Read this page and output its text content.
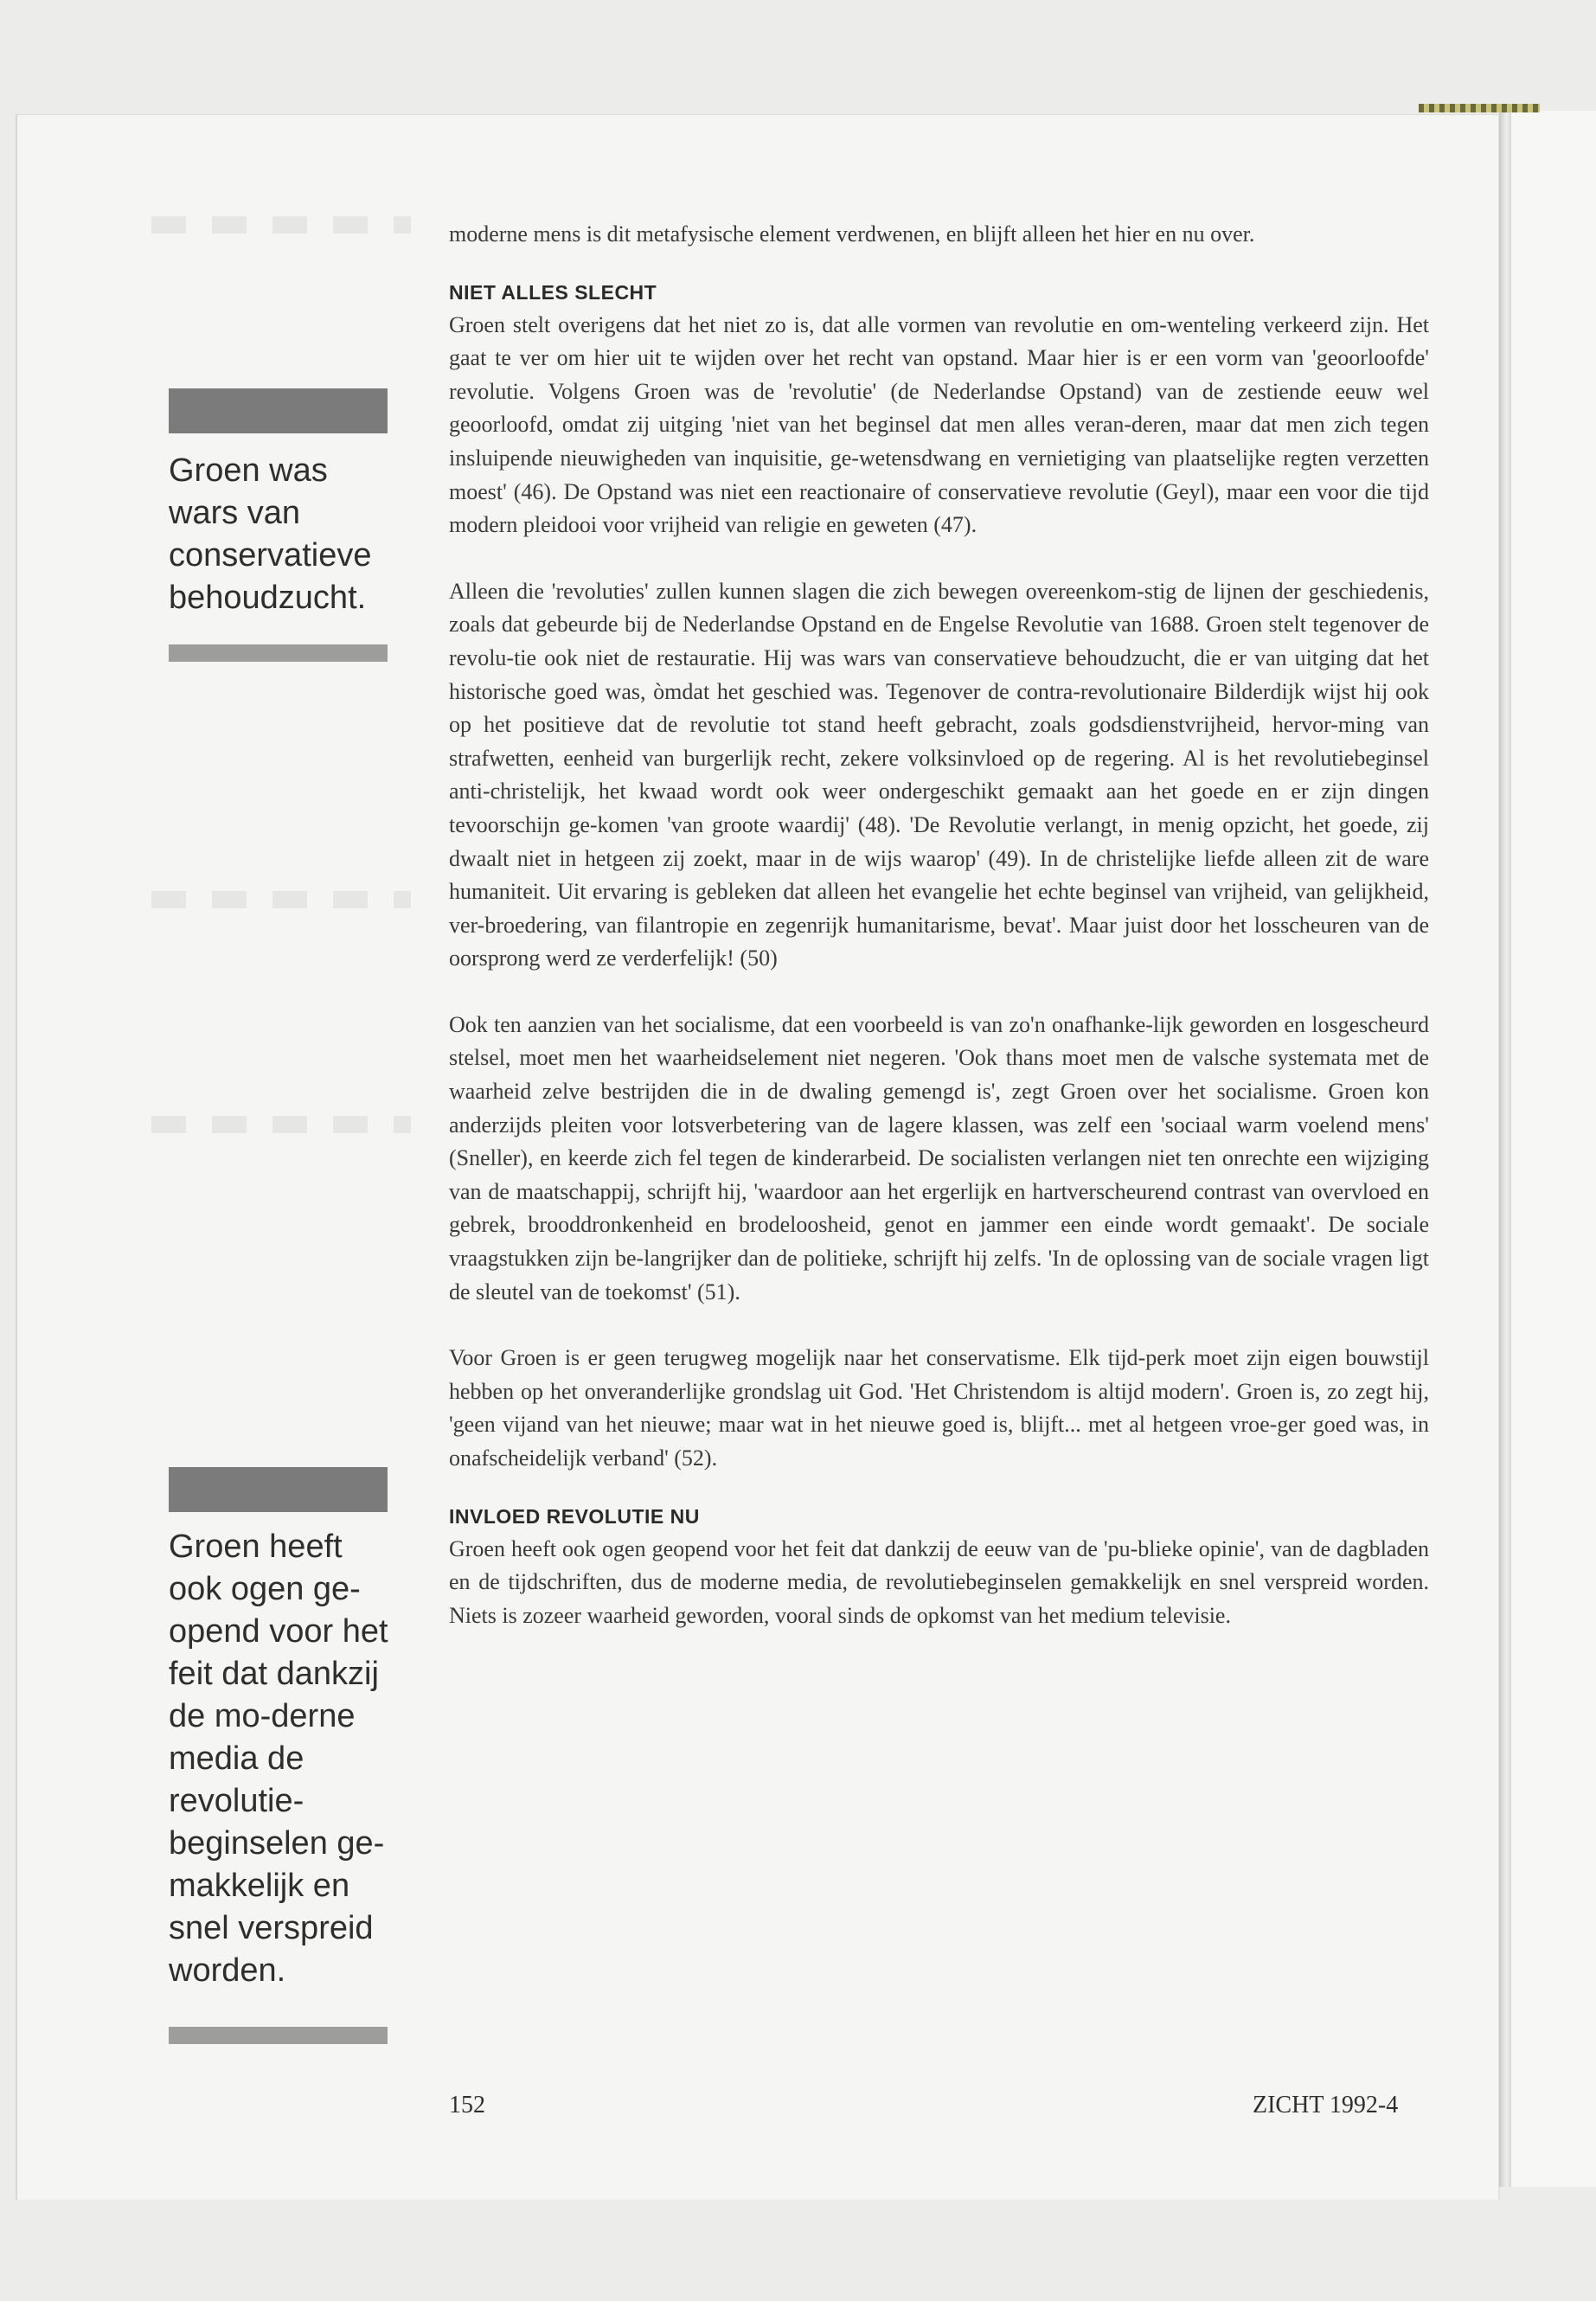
Groen was wars van conservatieve behoudzucht.

Groen heeft ook ogen ge-opend voor het feit dat dankzij de mo-derne media de revolutie-beginselen ge-makkelijk en snel verspreid worden.

moderne mens is dit metafysische element verdwenen, en blijft alleen het hier en nu over.

NIET ALLES SLECHT

Groen stelt overigens dat het niet zo is, dat alle vormen van revolutie en om-wenteling verkeerd zijn. Het gaat te ver om hier uit te wijden over het recht van opstand. Maar hier is er een vorm van 'geoorloofde' revolutie. Volgens Groen was de 'revolutie' (de Nederlandse Opstand) van de zestiende eeuw wel geoorloofd, omdat zij uitging 'niet van het beginsel dat men alles veran-deren, maar dat men zich tegen insluipende nieuwigheden van inquisitie, ge-wetensdwang en vernietiging van plaatselijke regten verzetten moest' (46). De Opstand was niet een reactionaire of conservatieve revolutie (Geyl), maar een voor die tijd modern pleidooi voor vrijheid van religie en geweten (47).

Alleen die 'revoluties' zullen kunnen slagen die zich bewegen overeenkom-stig de lijnen der geschiedenis, zoals dat gebeurde bij de Nederlandse Opstand en de Engelse Revolutie van 1688. Groen stelt tegenover de revolu-tie ook niet de restauratie. Hij was wars van conservatieve behoudzucht, die er van uitging dat het historische goed was, òmdat het geschied was. Tegenover de contra-revolutionaire Bilderdijk wijst hij ook op het positieve dat de revolutie tot stand heeft gebracht, zoals godsdienstvrijheid, hervor-ming van strafwetten, eenheid van burgerlijk recht, zekere volksinvloed op de regering. Al is het revolutiebeginsel anti-christelijk, het kwaad wordt ook weer ondergeschikt gemaakt aan het goede en er zijn dingen tevoorschijn ge-komen 'van groote waardij' (48). 'De Revolutie verlangt, in menig opzicht, het goede, zij dwaalt niet in hetgeen zij zoekt, maar in de wijs waarop' (49). In de christelijke liefde alleen zit de ware humaniteit. Uit ervaring is gebleken dat alleen het evangelie het echte beginsel van vrijheid, van gelijkheid, ver-broedering, van filantropie en zegenrijk humanitarisme, bevat'. Maar juist door het losscheuren van de oorsprong werd ze verderfelijk! (50)

Ook ten aanzien van het socialisme, dat een voorbeeld is van zo'n onafhanke-lijk geworden en losgescheurd stelsel, moet men het waarheidselement niet negeren. 'Ook thans moet men de valsche systemata met de waarheid zelve bestrijden die in de dwaling gemengd is', zegt Groen over het socialisme. Groen kon anderzijds pleiten voor lotsverbetering van de lagere klassen, was zelf een 'sociaal warm voelend mens' (Sneller), en keerde zich fel tegen de kinderarbeid. De socialisten verlangen niet ten onrechte een wijziging van de maatschappij, schrijft hij, 'waardoor aan het ergerlijk en hartverscheurend contrast van overvloed en gebrek, brooddronkenheid en brodeloosheid, genot en jammer een einde wordt gemaakt'. De sociale vraagstukken zijn be-langrijker dan de politieke, schrijft hij zelfs. 'In de oplossing van de sociale vragen ligt de sleutel van de toekomst' (51).

Voor Groen is er geen terugweg mogelijk naar het conservatisme. Elk tijd-perk moet zijn eigen bouwstijl hebben op het onveranderlijke grondslag uit God. 'Het Christendom is altijd modern'. Groen is, zo zegt hij, 'geen vijand van het nieuwe; maar wat in het nieuwe goed is, blijft... met al hetgeen vroe-ger goed was, in onafscheidelijk verband' (52).

INVLOED REVOLUTIE NU

Groen heeft ook ogen geopend voor het feit dat dankzij de eeuw van de 'pu-blieke opinie', van de dagbladen en de tijdschriften, dus de moderne media, de revolutiebeginselen gemakkelijk en snel verspreid worden. Niets is zozeer waarheid geworden, vooral sinds de opkomst van het medium televisie.

152	ZICHT 1992-4
